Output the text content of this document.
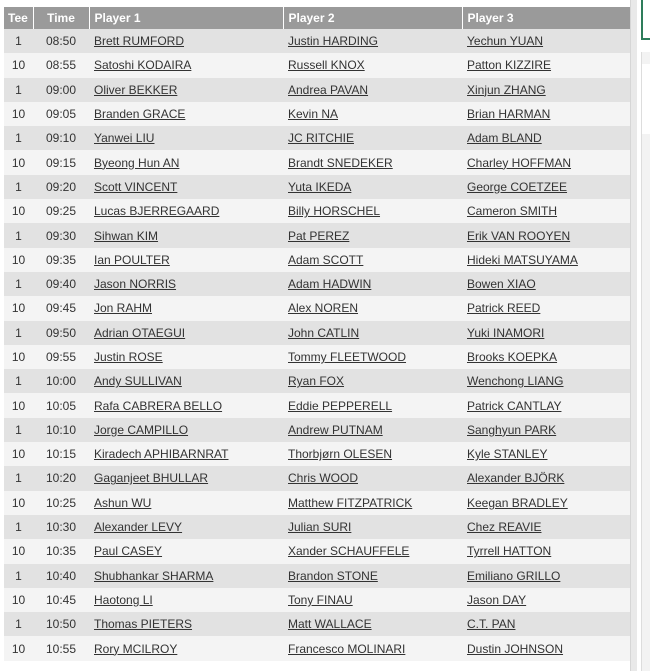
Tee	Time	Player 1	Player 2	Player 3
1	08:50	Brett RUMFORD	Justin HARDING	Yechun YUAN
10	08:55	Satoshi KODAIRA	Russell KNOX	Patton KIZZIRE
1	09:00	Oliver BEKKER	Andrea PAVAN	Xinjun ZHANG
10	09:05	Branden GRACE	Kevin NA	Brian HARMAN
1	09:10	Yanwei LIU	JC RITCHIE	Adam BLAND
10	09:15	Byeong Hun AN	Brandt SNEDEKER	Charley HOFFMAN
1	09:20	Scott VINCENT	Yuta IKEDA	George COETZEE
10	09:25	Lucas BJERREGAARD	Billy HORSCHEL	Cameron SMITH
1	09:30	Sihwan KIM	Pat PEREZ	Erik VAN ROOYEN
10	09:35	Ian POULTER	Adam SCOTT	Hideki MATSUYAMA
1	09:40	Jason NORRIS	Adam HADWIN	Bowen XIAO
10	09:45	Jon RAHM	Alex NOREN	Patrick REED
1	09:50	Adrian OTAEGUI	John CATLIN	Yuki INAMORI
10	09:55	Justin ROSE	Tommy FLEETWOOD	Brooks KOEPKA
1	10:00	Andy SULLIVAN	Ryan FOX	Wenchong LIANG
10	10:05	Rafa CABRERA BELLO	Eddie PEPPERELL	Patrick CANTLAY
1	10:10	Jorge CAMPILLO	Andrew PUTNAM	Sanghyun PARK
10	10:15	Kiradech APHIBARNRAT	Thorbjørn OLESEN	Kyle STANLEY
1	10:20	Gaganjeet BHULLAR	Chris WOOD	Alexander BJÖRK
10	10:25	Ashun WU	Matthew FITZPATRICK	Keegan BRADLEY
1	10:30	Alexander LEVY	Julian SURI	Chez REAVIE
10	10:35	Paul CASEY	Xander SCHAUFFELE	Tyrrell HATTON
1	10:40	Shubhankar SHARMA	Brandon STONE	Emiliano GRILLO
10	10:45	Haotong LI	Tony FINAU	Jason DAY
1	10:50	Thomas PIETERS	Matt WALLACE	C.T. PAN
10	10:55	Rory MCILROY	Francesco MOLINARI	Dustin JOHNSON
